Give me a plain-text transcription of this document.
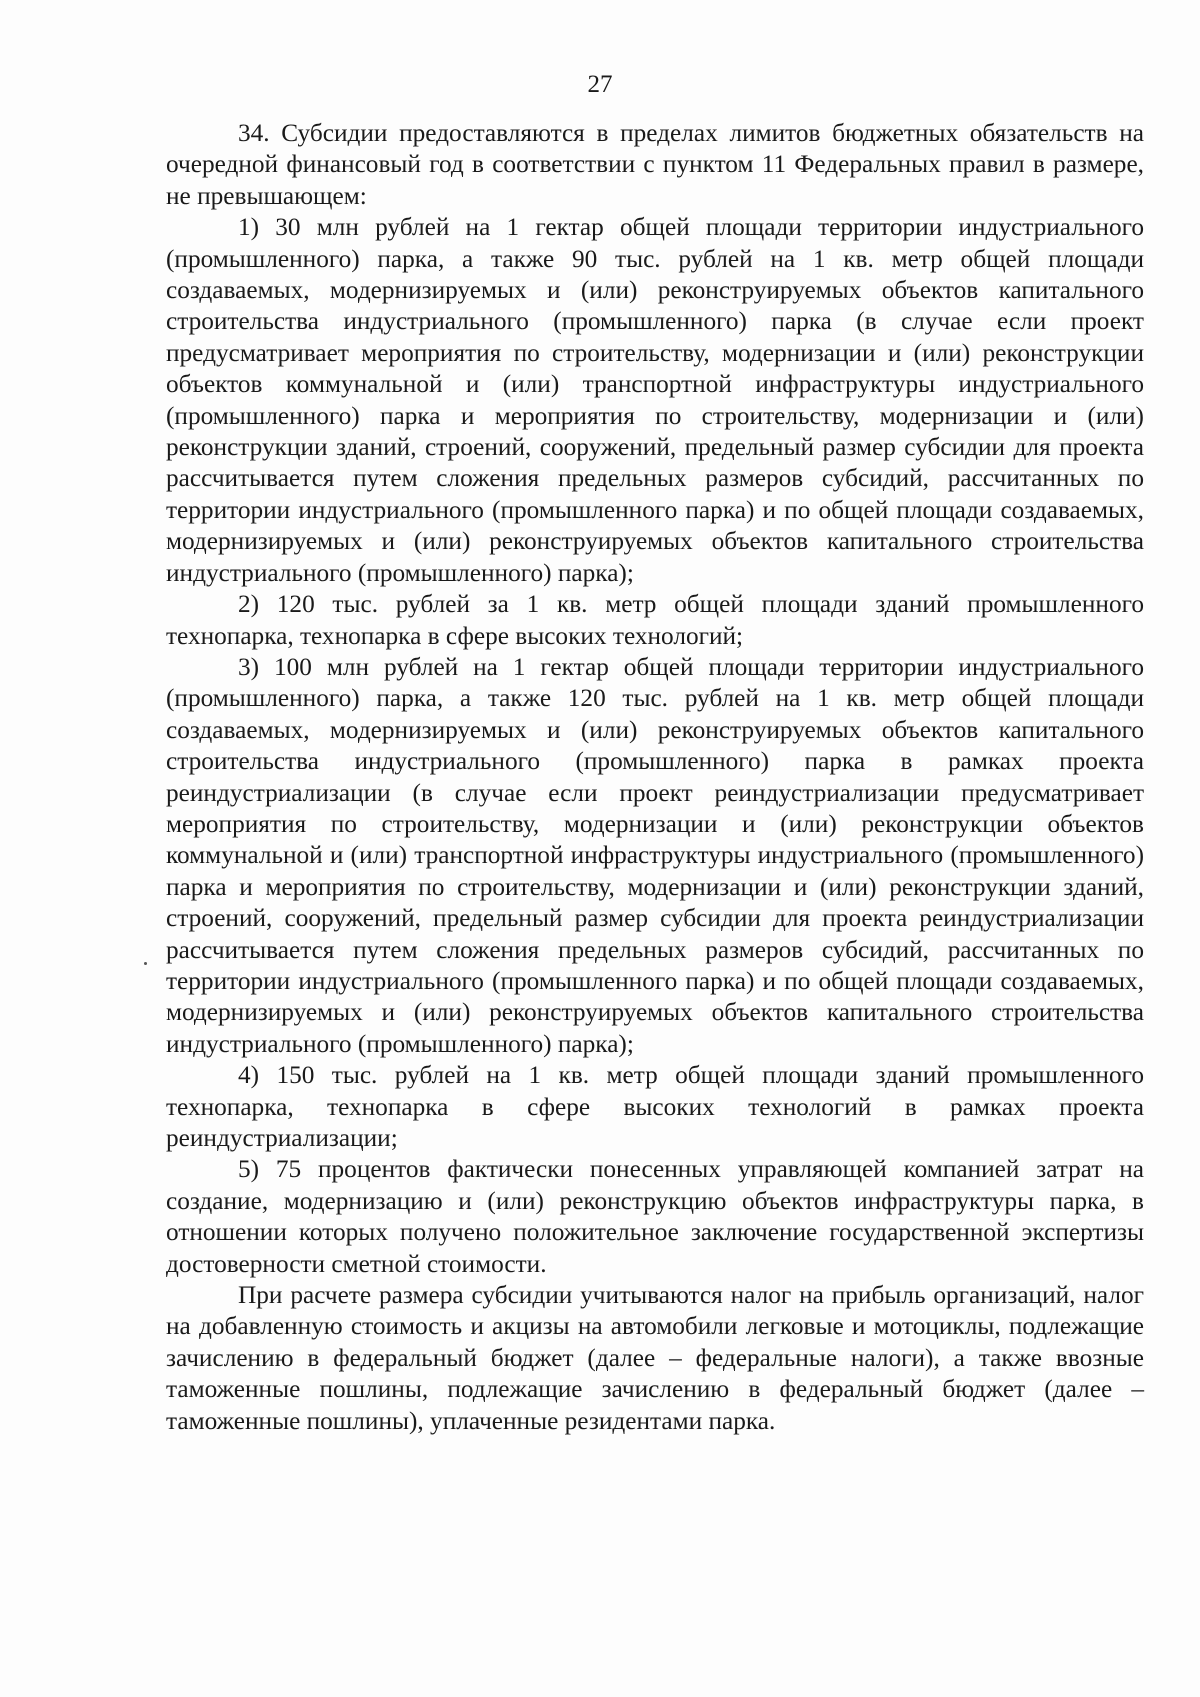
27

34. Субсидии предоставляются в пределах лимитов бюджетных обязательств на очередной финансовый год в соответствии с пунктом 11 Федеральных правил в размере, не превышающем:

1) 30 млн рублей на 1 гектар общей площади территории индустриального (промышленного) парка, а также 90 тыс. рублей на 1 кв. метр общей площади создаваемых, модернизируемых и (или) реконструируемых объектов капитального строительства индустриального (промышленного) парка (в случае если проект предусматривает мероприятия по строительству, модернизации и (или) реконструкции объектов коммунальной и (или) транспортной инфраструктуры индустриального (промышленного) парка и мероприятия по строительству, модернизации и (или) реконструкции зданий, строений, сооружений, предельный размер субсидии для проекта рассчитывается путем сложения предельных размеров субсидий, рассчитанных по территории индустриального (промышленного парка) и по общей площади создаваемых, модернизируемых и (или) реконструируемых объектов капитального строительства индустриального (промышленного) парка);

2) 120 тыс. рублей за 1 кв. метр общей площади зданий промышленного технопарка, технопарка в сфере высоких технологий;

3) 100 млн рублей на 1 гектар общей площади территории индустриального (промышленного) парка, а также 120 тыс. рублей на 1 кв. метр общей площади создаваемых, модернизируемых и (или) реконструируемых объектов капитального строительства индустриального (промышленного) парка в рамках проекта реиндустриализации (в случае если проект реиндустриализации предусматривает мероприятия по строительству, модернизации и (или) реконструкции объектов коммунальной и (или) транспортной инфраструктуры индустриального (промышленного) парка и мероприятия по строительству, модернизации и (или) реконструкции зданий, строений, сооружений, предельный размер субсидии для проекта реиндустриализации рассчитывается путем сложения предельных размеров субсидий, рассчитанных по территории индустриального (промышленного парка) и по общей площади создаваемых, модернизируемых и (или) реконструируемых объектов капитального строительства индустриального (промышленного) парка);

4) 150 тыс. рублей на 1 кв. метр общей площади зданий промышленного технопарка, технопарка в сфере высоких технологий в рамках проекта реиндустриализации;

5) 75 процентов фактически понесенных управляющей компанией затрат на создание, модернизацию и (или) реконструкцию объектов инфраструктуры парка, в отношении которых получено положительное заключение государственной экспертизы достоверности сметной стоимости.

При расчете размера субсидии учитываются налог на прибыль организаций, налог на добавленную стоимость и акцизы на автомобили легковые и мотоциклы, подлежащие зачислению в федеральный бюджет (далее – федеральные налоги), а также ввозные таможенные пошлины, подлежащие зачислению в федеральный бюджет (далее – таможенные пошлины), уплаченные резидентами парка.
